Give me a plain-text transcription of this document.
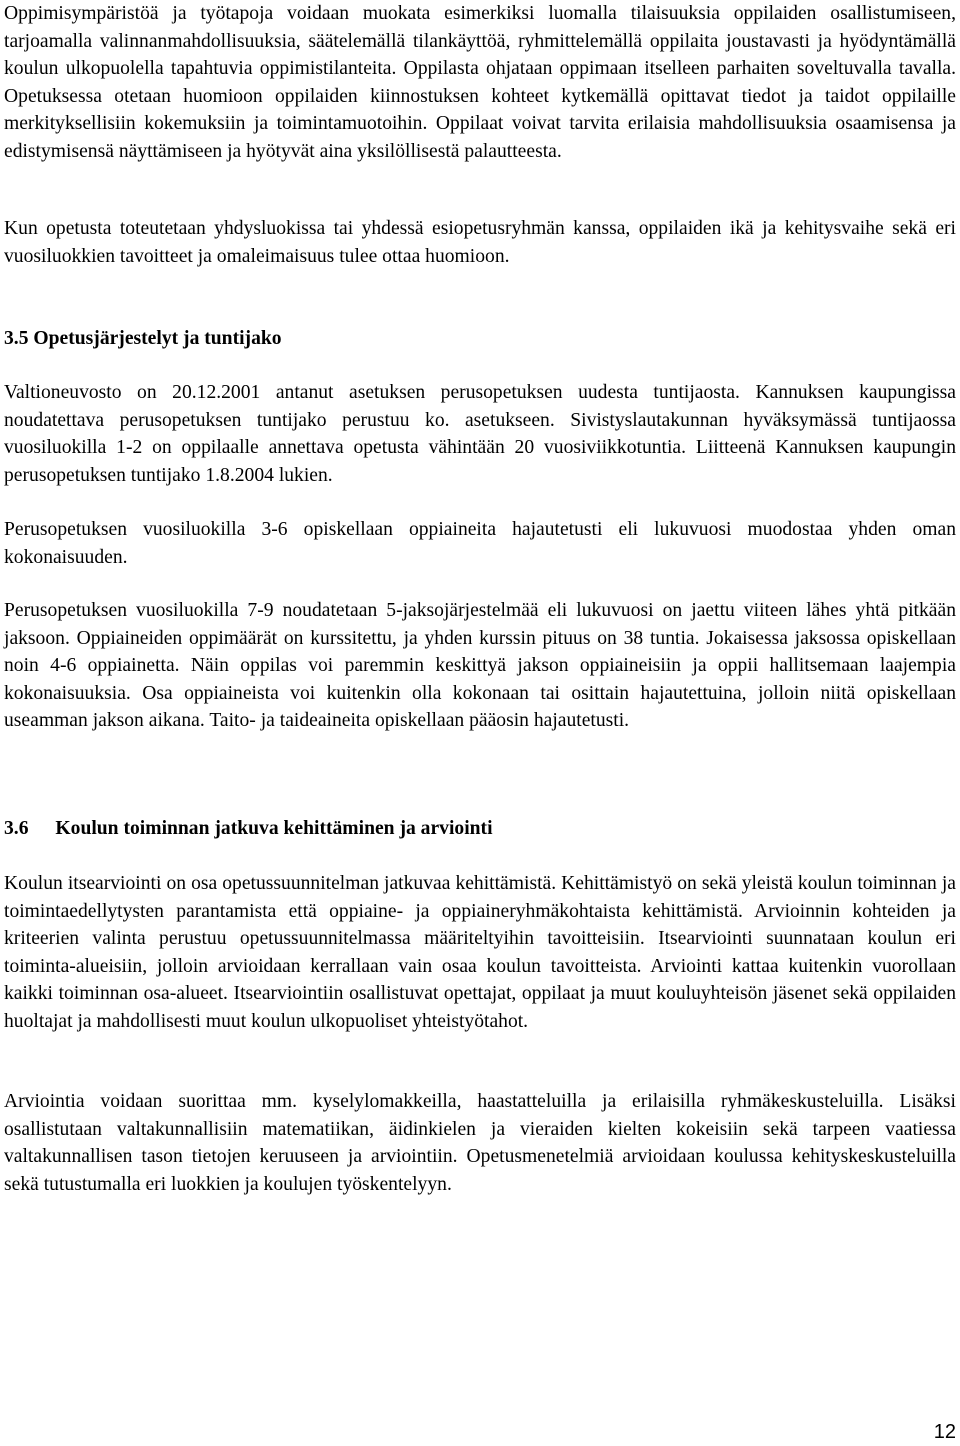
Oppimisympäristöä ja työtapoja voidaan muokata esimerkiksi luomalla tilaisuuksia oppilaiden osallistumiseen, tarjoamalla valinnanmahdollisuuksia, säätelemällä tilankäyttöä, ryhmittelemällä oppilaita joustavasti ja hyödyntämällä koulun ulkopuolella tapahtuvia oppimistilanteita. Oppilasta ohjataan oppimaan itselleen parhaiten soveltuvalla tavalla. Opetuksessa otetaan huomioon oppilaiden kiinnostuksen kohteet kytkemällä opittavat tiedot ja taidot oppilaille merkityksellisiin kokemuksiin ja toimintamuotoihin. Oppilaat voivat tarvita erilaisia mahdollisuuksia osaamisensa ja edistymisensä näyttämiseen ja hyötyvät aina yksilöllisestä palautteesta.

Kun opetusta toteutetaan yhdysluokissa tai yhdessä esiopetusryhmän kanssa, oppilaiden ikä ja kehitysvaihe sekä eri vuosiluokkien tavoitteet ja omaleimaisuus tulee ottaa huomioon.

3.5 Opetusjärjestelyt ja tuntijako

Valtioneuvosto on 20.12.2001 antanut asetuksen perusopetuksen uudesta tuntijaosta. Kannuksen kaupungissa noudatettava perusopetuksen tuntijako perustuu ko. asetukseen. Sivistyslautakunnan hyväksymässä tuntijaossa vuosiluokilla 1-2 on oppilaalle annettava opetusta vähintään 20 vuosiviikkotuntia. Liitteenä Kannuksen kaupungin perusopetuksen tuntijako 1.8.2004 lukien.

Perusopetuksen vuosiluokilla 3-6 opiskellaan oppiaineita hajautetusti eli lukuvuosi muodostaa yhden oman kokonaisuuden.

Perusopetuksen vuosiluokilla 7-9 noudatetaan 5-jaksojärjestelmää eli lukuvuosi on jaettu viiteen lähes yhtä pitkään jaksoon. Oppiaineiden oppimäärät on kurssitettu, ja yhden kurssin pituus on 38 tuntia. Jokaisessa jaksossa opiskellaan noin 4-6 oppiainetta. Näin oppilas voi paremmin keskittyä jakson oppiaineisiin ja oppii hallitsemaan laajempia kokonaisuuksia. Osa oppiaineista voi kuitenkin olla kokonaan tai osittain hajautettuina, jolloin niitä opiskellaan useamman jakson aikana. Taito- ja taideaineita opiskellaan pääosin hajautetusti.

3.6 Koulun toiminnan jatkuva kehittäminen ja arviointi

Koulun itsearviointi on osa opetussuunnitelman jatkuvaa kehittämistä. Kehittämistyö on sekä yleistä koulun toiminnan ja toimintaedellytysten parantamista että oppiaine- ja oppiaineryhmäkohtaista kehittämistä. Arvioinnin kohteiden ja kriteerien valinta perustuu opetussuunnitelmassa määriteltyihin tavoitteisiin. Itsearviointi suunnataan koulun eri toiminta-alueisiin, jolloin arvioidaan kerrallaan vain osaa koulun tavoitteista. Arviointi kattaa kuitenkin vuorollaan kaikki toiminnan osa-alueet. Itsearviointiin osallistuvat opettajat, oppilaat ja muut kouluyhteisön jäsenet sekä oppilaiden huoltajat ja mahdollisesti muut koulun ulkopuoliset yhteistyötahot.

Arviointia voidaan suorittaa mm. kyselylomakkeilla, haastatteluilla ja erilaisilla ryhmäkeskusteluilla. Lisäksi osallistutaan valtakunnallisiin matematiikan, äidinkielen ja vieraiden kielten kokeisiin sekä tarpeen vaatiessa valtakunnallisen tason tietojen keruuseen ja arviointiin. Opetusmenetelmiä arvioidaan koulussa kehityskeskusteluilla sekä tutustumalla eri luokkien ja koulujen työskentelyyn.

12
